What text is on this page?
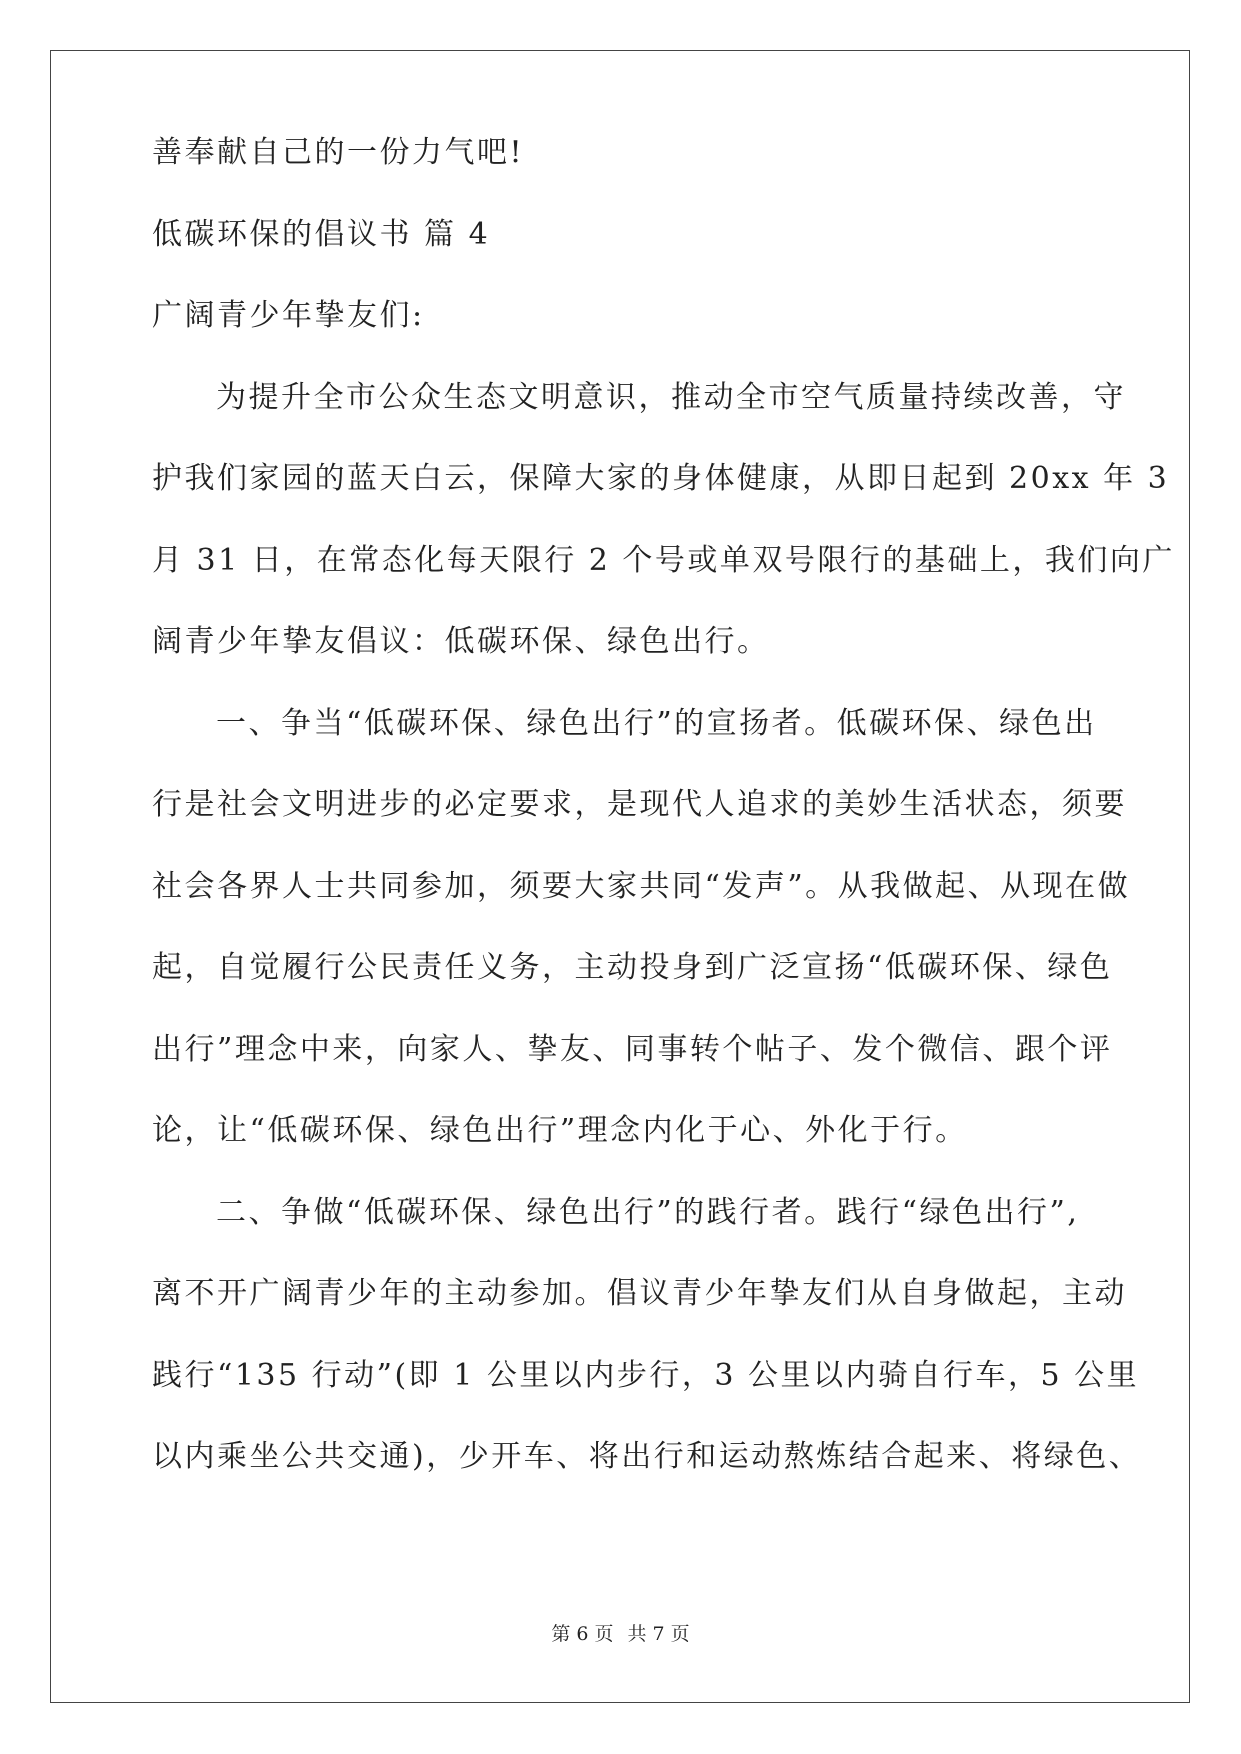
善奉献自己的一份力气吧!
低碳环保的倡议书 篇 4
广阔青少年挚友们:
为提升全市公众生态文明意识，推动全市空气质量持续改善，守
护我们家园的蓝天白云，保障大家的身体健康，从即日起到 20xx 年 3
月 31 日，在常态化每天限行 2 个号或单双号限行的基础上，我们向广
阔青少年挚友倡议：低碳环保、绿色出行。
一、争当“低碳环保、绿色出行”的宣扬者。低碳环保、绿色出
行是社会文明进步的必定要求，是现代人追求的美妙生活状态，须要
社会各界人士共同参加，须要大家共同“发声”。从我做起、从现在做
起，自觉履行公民责任义务，主动投身到广泛宣扬“低碳环保、绿色
出行”理念中来，向家人、挚友、同事转个帖子、发个微信、跟个评
论，让“低碳环保、绿色出行”理念内化于心、外化于行。
二、争做“低碳环保、绿色出行”的践行者。践行“绿色出行”,
离不开广阔青少年的主动参加。倡议青少年挚友们从自身做起，主动
践行“135 行动”(即 1 公里以内步行，3 公里以内骑自行车，5 公里
以内乘坐公共交通)，少开车、将出行和运动熬炼结合起来、将绿色、
第 6 页 共 7 页
